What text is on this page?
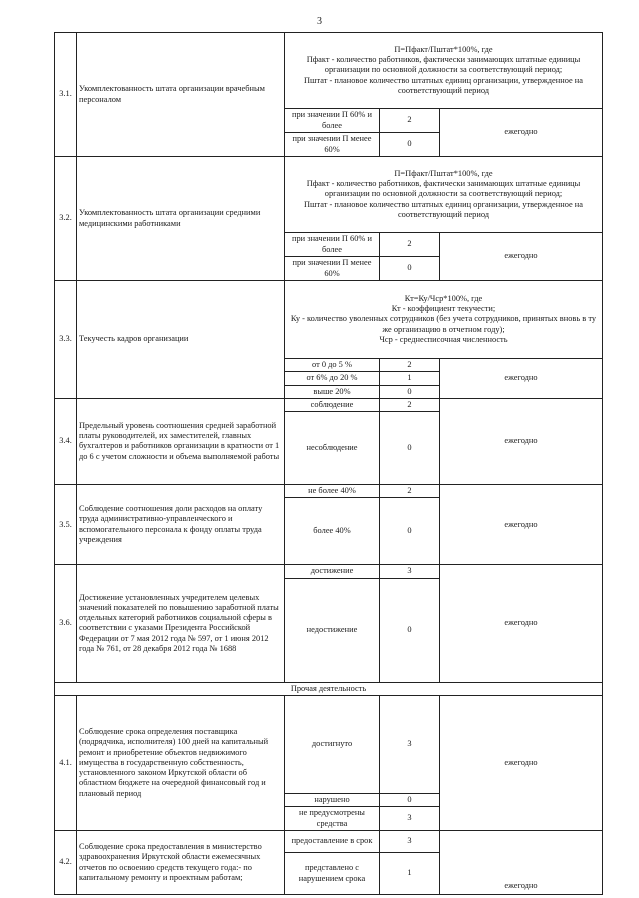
3
3.1.	Укомплектованность штата организации врачебным персоналом	П=Пфакт/Пштат*100%, где
Пфакт - количество работников, фактически занимающих штатные единицы организации по основной должности за соответствующий период;
Пштат - плановое количество штатных единиц организации, утвержденное на соответствующий период		

		при значении П 60% и более	2	ежегодно
		при значении П менее 60%	0	
3.2.	Укомплектованность штата организации средними медицинскими работниками	П=Пфакт/Пштат*100%, где
Пфакт - количество работников, фактически занимающих штатные единицы организации по основной должности за соответствующий период;
Пштат - плановое количество штатных единиц организации, утвержденное на соответствующий период		

		при значении П 60% и более	2	ежегодно
		при значении П менее 60%	0	
3.3.	Текучесть кадров организации	Кт=Ку/Чср*100%, где
Кт - коэффициент текучести;
Ку - количество уволенных сотрудников (без учета сотрудников, принятых вновь в ту же организацию в отчетном году);
Чср - среднесписочная численность		

		от 0 до 5 %	2	ежегодно
		от 6% до 20 %	1	
		выше 20%	0	
3.4.	Предельный уровень соотношения средней заработной платы руководителей, их заместителей, главных бухгалтеров и работников организации в кратности от 1 до 6 с учетом сложности и объема выполняемой работы	соблюдение	2	ежегодно
		несоблюдение	0	
3.5.	Соблюдение соотношения доли расходов на оплату труда административно-управленческого и вспомогательного персонала к фонду оплаты труда учреждения	не более 40%	2	ежегодно
		более 40%	0	
3.6.	Достижение установленных учредителем целевых значений показателей по повышению заработной платы отдельных категорий работников социальной сферы в соответствии с указами Президента Российской Федерации от 7 мая 2012 года № 597, от 1 июня 2012 года № 761, от 28 декабря 2012 года № 1688	достижение	3	ежегодно
		недостижение	0	
Прочая деятельность				
4.1.	Соблюдение срока определения поставщика (подрядчика, исполнителя) 100 дней на капитальный ремонт и приобретение объектов недвижимого имущества в государственную собственность, установленного законом Иркутской области об областном бюджете на очередной финансовый год и плановый период	достигнуто	3	ежегодно
		нарушено	0	
		не предусмотрены средства	3	
4.2.	Соблюдение срока предоставления в министерство здравоохранения Иркутской области ежемесячных отчетов по освоению средств текущего года:- по капитальному ремонту и проектным работам;	предоставление в срок	3	ежегодно
		представлено с нарушением срока	1	
